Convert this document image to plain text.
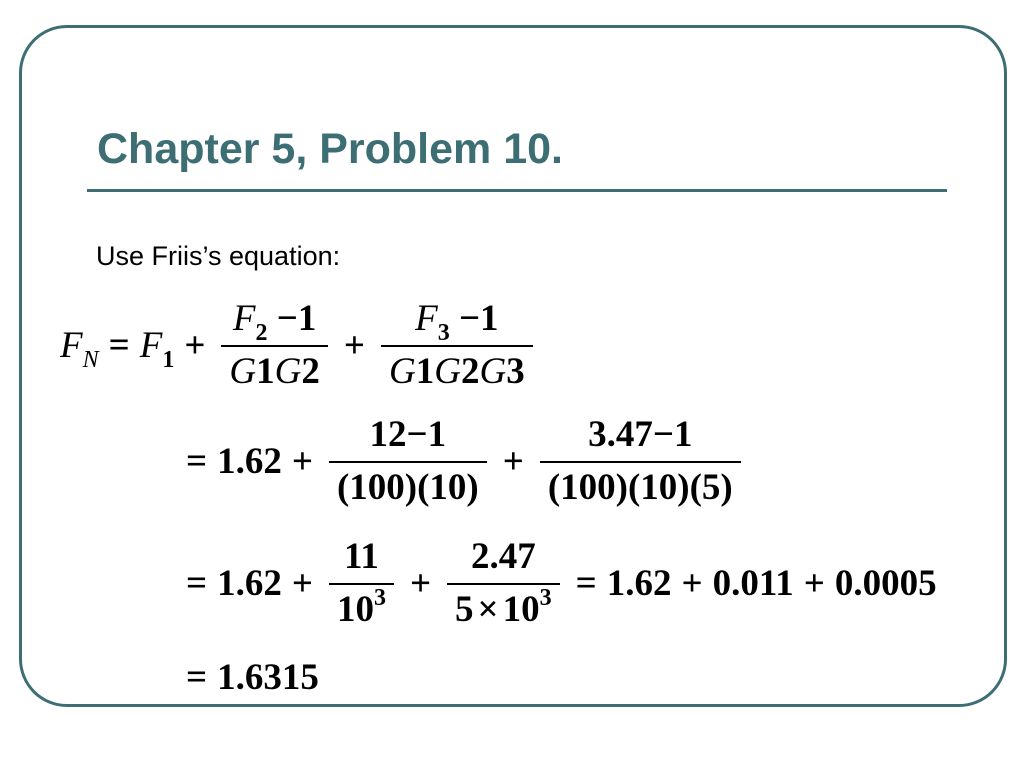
Chapter 5, Problem 10.
Use Friis’s equation:
$F_N = F_1 + \frac{F_2 -1}{G1G2} + \frac{F_3 -1}{G1G2G3}$
= $1.62 + \frac{12-1}{(100)(10)} + \frac{3.47-1}{(100)(10)(5)}$
= $1.62 + \frac{11}{10^3} + \frac{2.47}{5 \times 10^3} = 1.62 + 0.011 + 0.0005$
= 1.6315
